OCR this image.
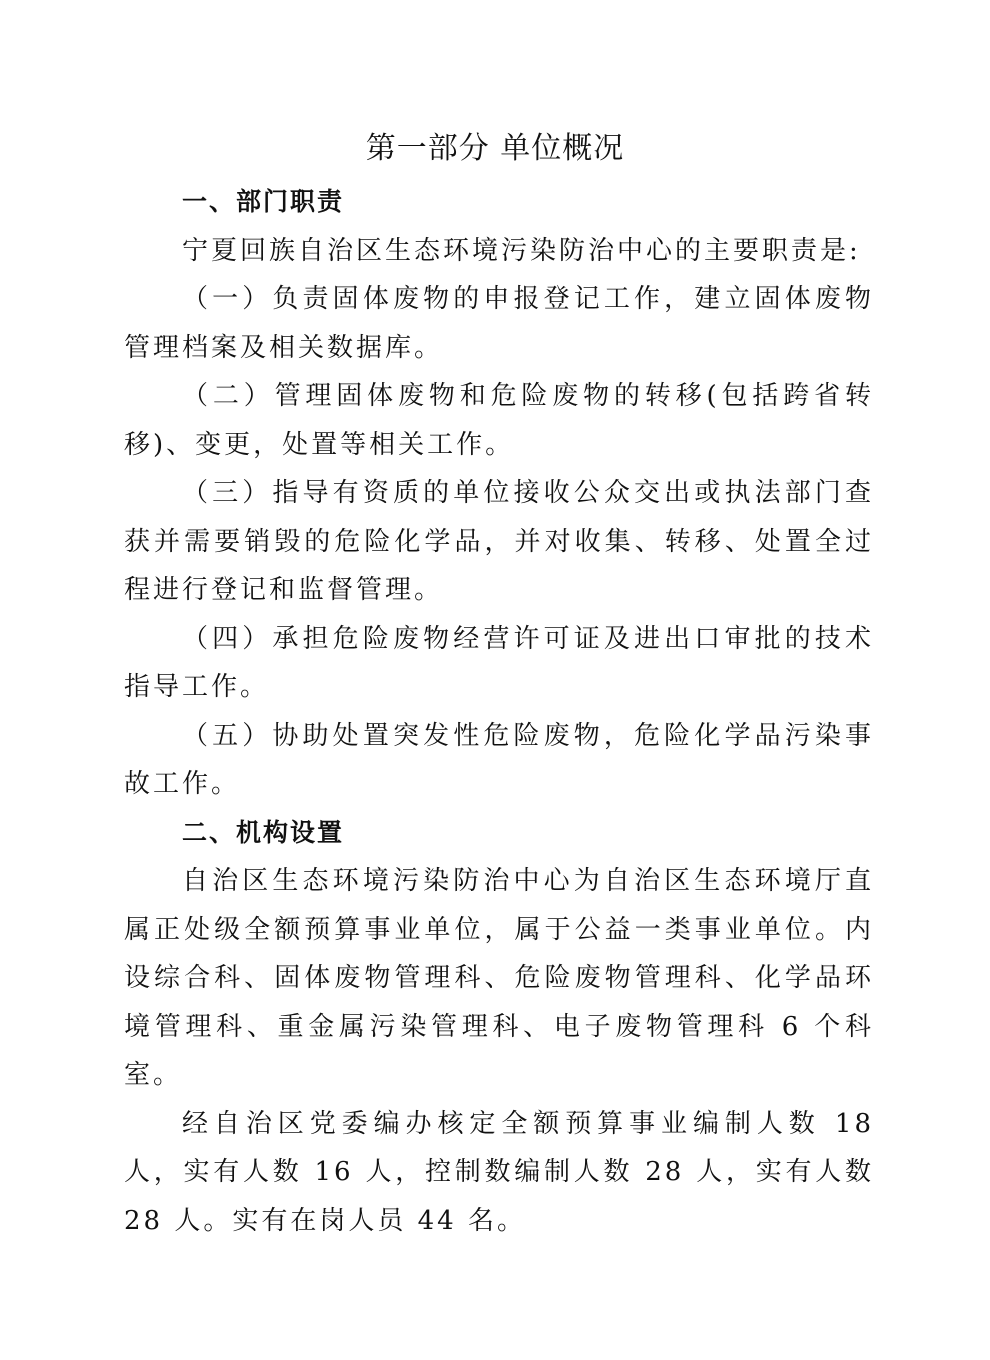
第一部分 单位概况
一、部门职责

宁夏回族自治区生态环境污染防治中心的主要职责是:

（一）负责固体废物的申报登记工作，建立固体废物管理档案及相关数据库。

（二）管理固体废物和危险废物的转移(包括跨省转移)、变更，处置等相关工作。

（三）指导有资质的单位接收公众交出或执法部门查获并需要销毁的危险化学品，并对收集、转移、处置全过程进行登记和监督管理。

（四）承担危险废物经营许可证及进出口审批的技术指导工作。

（五）协助处置突发性危险废物，危险化学品污染事故工作。

二、机构设置

自治区生态环境污染防治中心为自治区生态环境厅直属正处级全额预算事业单位，属于公益一类事业单位。内设综合科、固体废物管理科、危险废物管理科、化学品环境管理科、重金属污染管理科、电子废物管理科 6 个科室。

经自治区党委编办核定全额预算事业编制人数 18 人，实有人数 16 人，控制数编制人数 28 人，实有人数 28 人。实有在岗人员 44 名。
